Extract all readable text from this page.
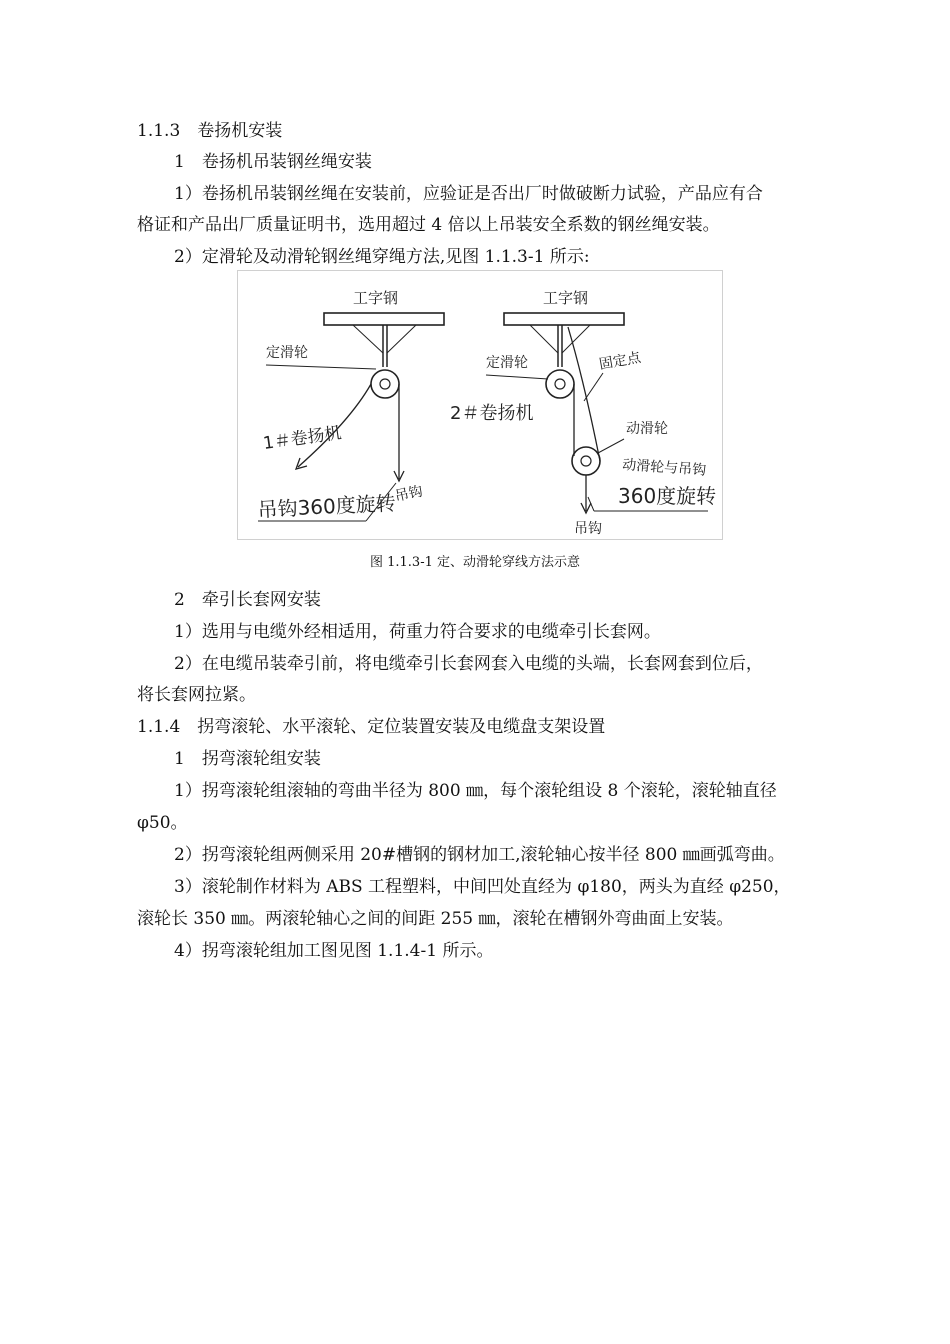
1.1.3　卷扬机安装
1　卷扬机吊装钢丝绳安装
1）卷扬机吊装钢丝绳在安装前，应验证是否出厂时做破断力试验，产品应有合
格证和产品出厂质量证明书，选用超过 4 倍以上吊装安全系数的钢丝绳安装。
2）定滑轮及动滑轮钢丝绳穿绳方法,见图 1.1.3-1 所示:
工字钢
定滑轮
1＃卷扬机
吊钩
吊钩360度旋转
工字钢
定滑轮	固定点
2＃卷扬机
动滑轮
动滑轮与吊钩
360度旋转
吊钩
图 1.1.3-1 定、动滑轮穿线方法示意
2　牵引长套网安装
1）选用与电缆外经相适用，荷重力符合要求的电缆牵引长套网。
2）在电缆吊装牵引前，将电缆牵引长套网套入电缆的头端，长套网套到位后，
将长套网拉紧。
1.1.4　拐弯滚轮、水平滚轮、定位装置安装及电缆盘支架设置
1　拐弯滚轮组安装
1）拐弯滚轮组滚轴的弯曲半径为 800 ㎜，每个滚轮组设 8 个滚轮，滚轮轴直径
φ50。
2）拐弯滚轮组两侧采用 20#槽钢的钢材加工,滚轮轴心按半径 800 ㎜画弧弯曲。
3）滚轮制作材料为 ABS 工程塑料，中间凹处直经为 φ180，两头为直经 φ250，
滚轮长 350 ㎜。两滚轮轴心之间的间距 255 ㎜，滚轮在槽钢外弯曲面上安装。
4）拐弯滚轮组加工图见图 1.1.4-1 所示。
